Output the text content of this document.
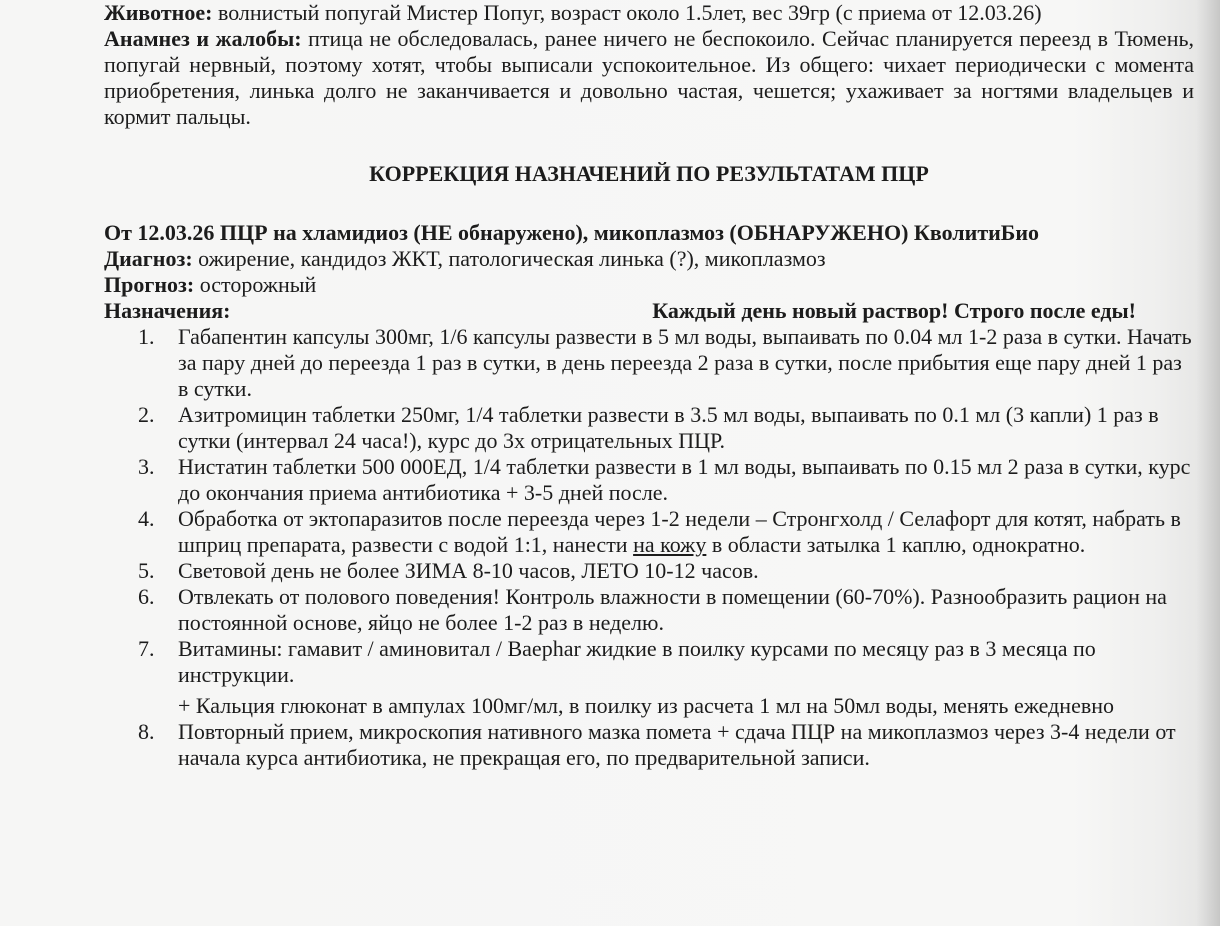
Животное: волнистый попугай Мистер Попуг, возраст около 1.5лет, вес 39гр (с приема от 12.03.26)

Анамнез и жалобы: птица не обследовалась, ранее ничего не беспокоило. Сейчас планируется переезд в Тюмень, попугай нервный, поэтому хотят, чтобы выписали успокоительное. Из общего: чихает периодически с момента приобретения, линька долго не заканчивается и довольно частая, чешется; ухаживает за ногтями владельцев и кормит пальцы.

КОРРЕКЦИЯ НАЗНАЧЕНИЙ ПО РЕЗУЛЬТАТАМ ПЦР

От 12.03.26 ПЦР на хламидиоз (НЕ обнаружено), микоплазмоз (ОБНАРУЖЕНО) КволитиБио

Диагноз: ожирение, кандидоз ЖКТ, патологическая линька (?), микоплазмоз

Прогноз: осторожный

Назначения:	Каждый день новый раствор! Строго после еды!
1.	Габапентин капсулы 300мг, 1/6 капсулы развести в 5 мл воды, выпаивать по 0.04 мл 1-2 раза в сутки. Начать за пару дней до переезда 1 раз в сутки, в день переезда 2 раза в сутки, после прибытия еще пару дней 1 раз в сутки.
2.	Азитромицин таблетки 250мг, 1/4 таблетки развести в 3.5 мл воды, выпаивать по 0.1 мл (3 капли) 1 раз в сутки (интервал 24 часа!), курс до 3х отрицательных ПЦР.
3.	Нистатин таблетки 500 000ЕД, 1/4 таблетки развести в 1 мл воды, выпаивать по 0.15 мл 2 раза в сутки, курс до окончания приема антибиотика + 3-5 дней после.
4.	Обработка от эктопаразитов после переезда через 1-2 недели – Стронгхолд / Селафорт для котят, набрать в шприц препарата, развести с водой 1:1, нанести на кожу в области затылка 1 каплю, однократно.
5.	Световой день не более ЗИМА 8-10 часов, ЛЕТО 10-12 часов.
6.	Отвлекать от полового поведения! Контроль влажности в помещении (60-70%). Разнообразить рацион на постоянной основе, яйцо не более 1-2 раз в неделю.
7.	Витамины: гамавит / аминовитал / Baephar жидкие в поилку курсами по месяцу раз в 3 месяца по инструкции.
+ Кальция глюконат в ампулах 100мг/мл, в поилку из расчета 1 мл на 50мл воды, менять ежедневно
8.	Повторный прием, микроскопия нативного мазка помета + сдача ПЦР на микоплазмоз через 3-4 недели от начала курса антибиотика, не прекращая его, по предварительной записи.
